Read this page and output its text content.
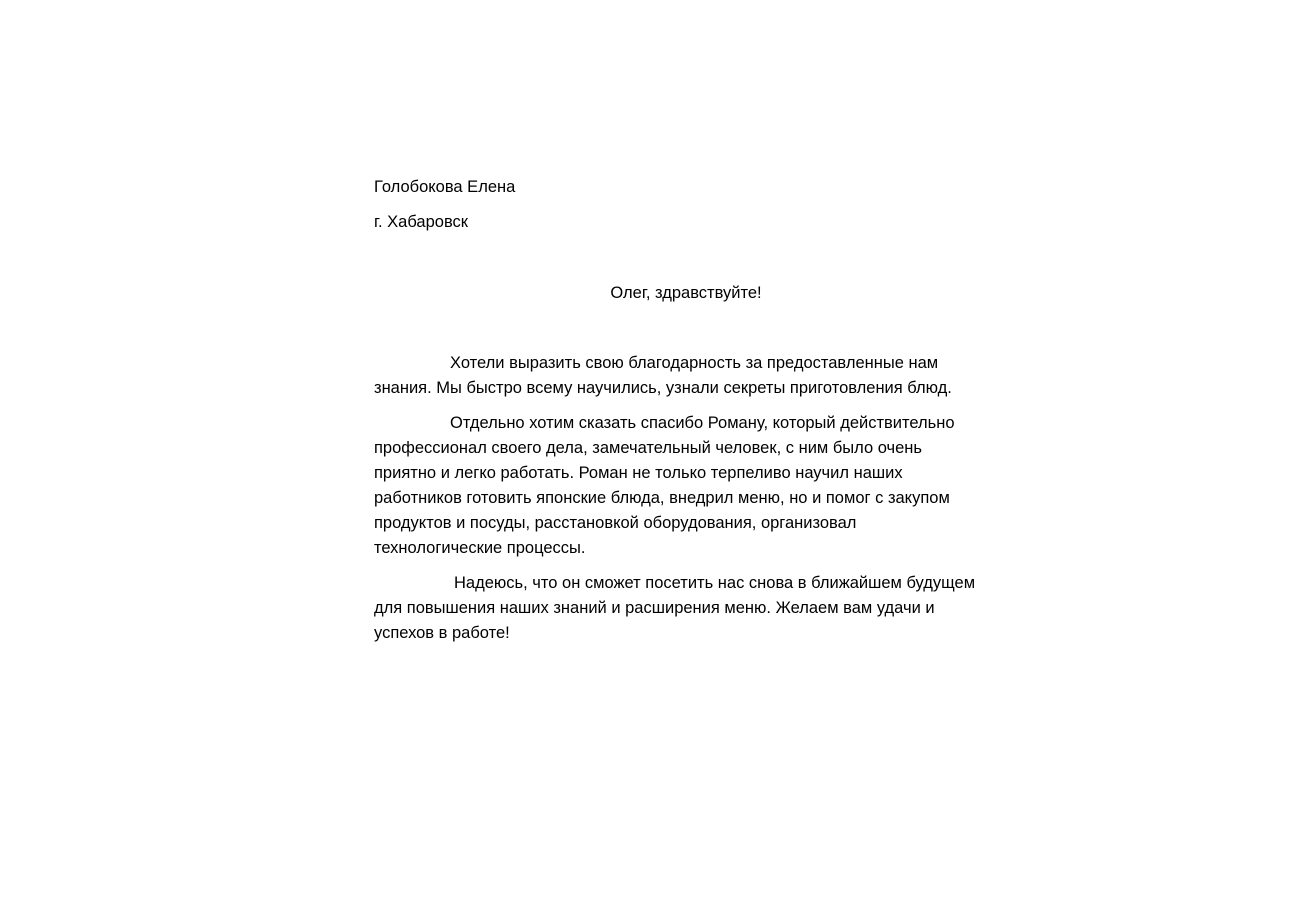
Голобокова Елена

г. Хабаровск

Олег, здравствуйте!

Хотели выразить свою благодарность за предоставленные нам

знания. Мы быстро всему научились, узнали секреты приготовления блюд.

Отдельно хотим сказать спасибо Роману, который действительно

профессионал своего дела, замечательный человек, с ним было очень

приятно и легко работать. Роман не только терпеливо научил наших

работников готовить японские блюда, внедрил меню, но и помог с закупом

продуктов и посуды, расстановкой оборудования, организовал

технологические процессы.

Надеюсь, что он сможет посетить нас снова в ближайшем будущем

для повышения наших знаний и расширения меню. Желаем вам удачи и

успехов в работе!
